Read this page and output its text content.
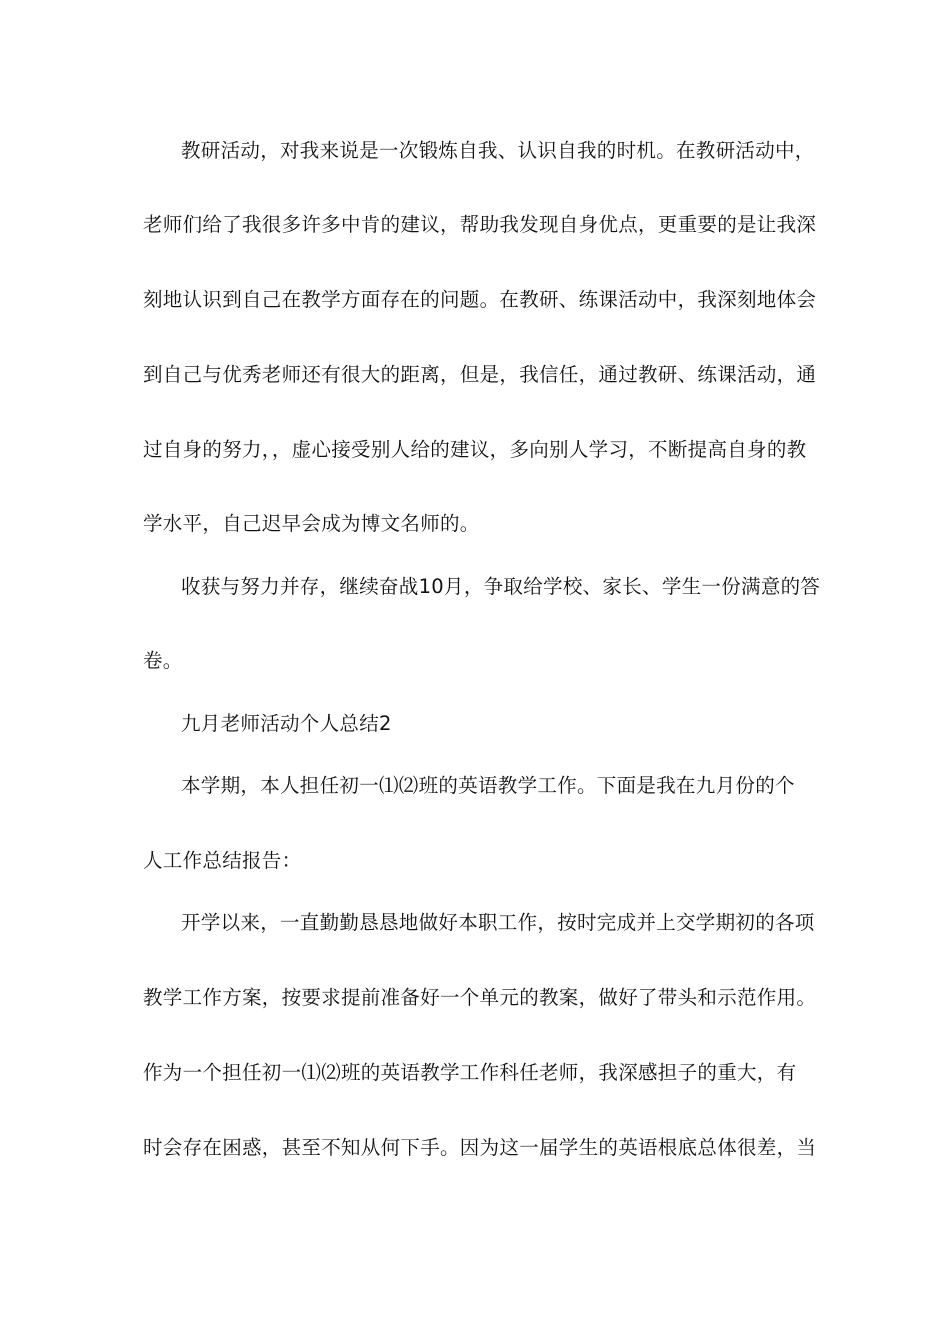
教研活动，对我来说是一次锻炼自我、认识自我的时机。在教研活动中，
老师们给了我很多许多中肯的建议，帮助我发现自身优点，更重要的是让我深
刻地认识到自己在教学方面存在的问题。在教研、练课活动中，我深刻地体会
到自己与优秀老师还有很大的距离，但是，我信任，通过教研、练课活动，通
过自身的努力，，虚心接受别人给的建议，多向别人学习，不断提高自身的教
学水平，自己迟早会成为博文名师的。
收获与努力并存，继续奋战10月，争取给学校、家长、学生一份满意的答
卷。
九月老师活动个人总结2
本学期，本人担任初一⑴⑵班的英语教学工作。下面是我在九月份的个
人工作总结报告：
开学以来，一直勤勤恳恳地做好本职工作，按时完成并上交学期初的各项
教学工作方案，按要求提前准备好一个单元的教案，做好了带头和示范作用。
作为一个担任初一⑴⑵班的英语教学工作科任老师，我深感担子的重大，有
时会存在困惑，甚至不知从何下手。因为这一届学生的英语根底总体很差，当
